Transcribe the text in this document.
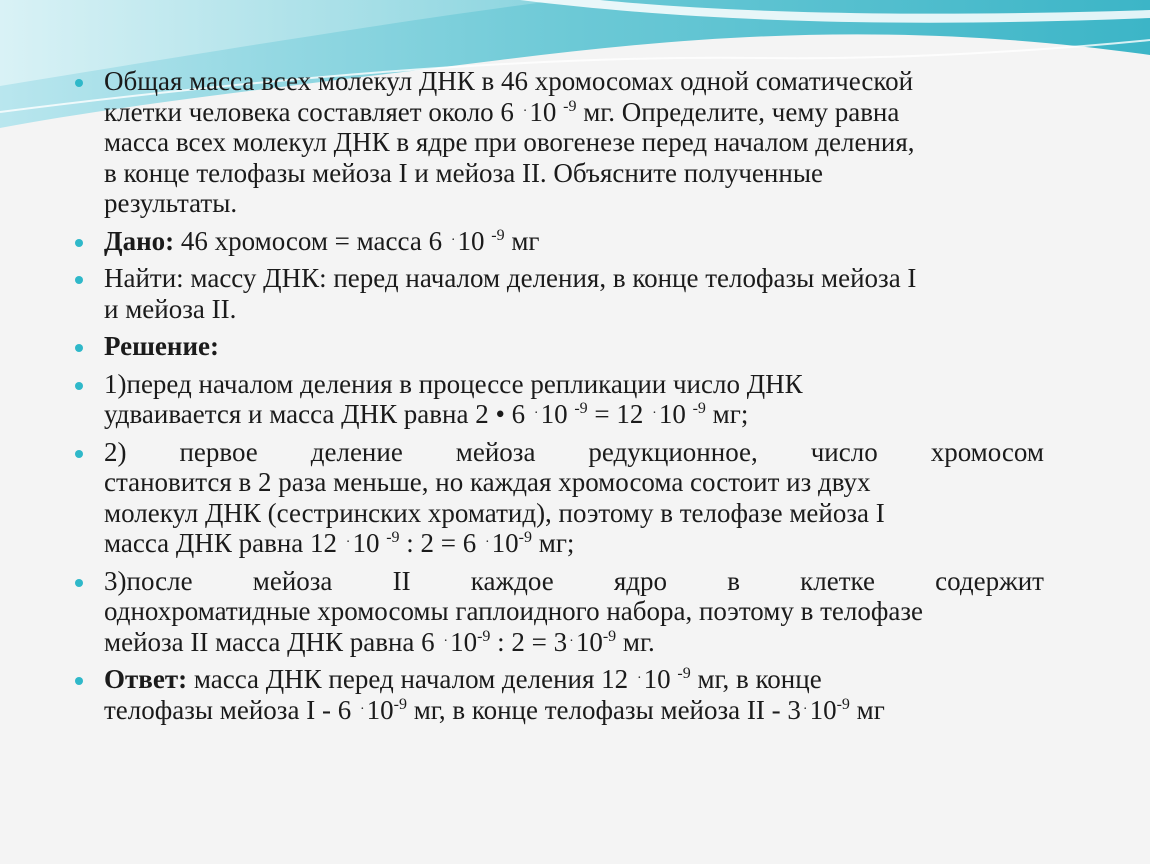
Общая масса всех молекул ДНК в 46 хромосомах одной соматической
клетки человека составляет около 6 ·10 $^{-9}$ мг. Определите, чему равна
масса всех молекул ДНК в ядре при овогенезе перед началом деления,
в конце телофазы мейоза I и мейоза II. Объясните полученные
результаты.
Дано: 46 хромосом = масса 6 ·10 $^{-9}$ мг
Найти: массу ДНК: перед началом деления, в конце телофазы мейоза I
и мейоза II.
Решение:
1)перед началом деления в процессе репликации число ДНК
удваивается и масса ДНК равна 2 • 6 ·10 $^{-9}$ = 12 ·10 $^{-9}$ мг;
2) первое деление мейоза редукционное, число хромосом
становится в 2 раза меньше, но каждая хромосома состоит из двух
молекул ДНК (сестринских хроматид), поэтому в телофазе мейоза I
масса ДНК равна 12 ·10 $^{-9}$ : 2 = 6 $^\cdot 10^{-9}$ мг;
3)после мейоза II каждое ядро в клетке содержит
однохроматидные хромосомы гаплоидного набора, поэтому в телофазе
мейоза II масса ДНК равна 6 $^\cdot 10^{-9}$ : 2 = 3 $^\cdot 10^{-9}$ мг.
Ответ: масса ДНК перед началом деления 12 ·10 $^{-9}$ мг, в конце
телофазы мейоза I - 6 $^\cdot 10^{-9}$ мг, в конце телофазы мейоза II - 3 $^\cdot 10^{-9}$ мг
